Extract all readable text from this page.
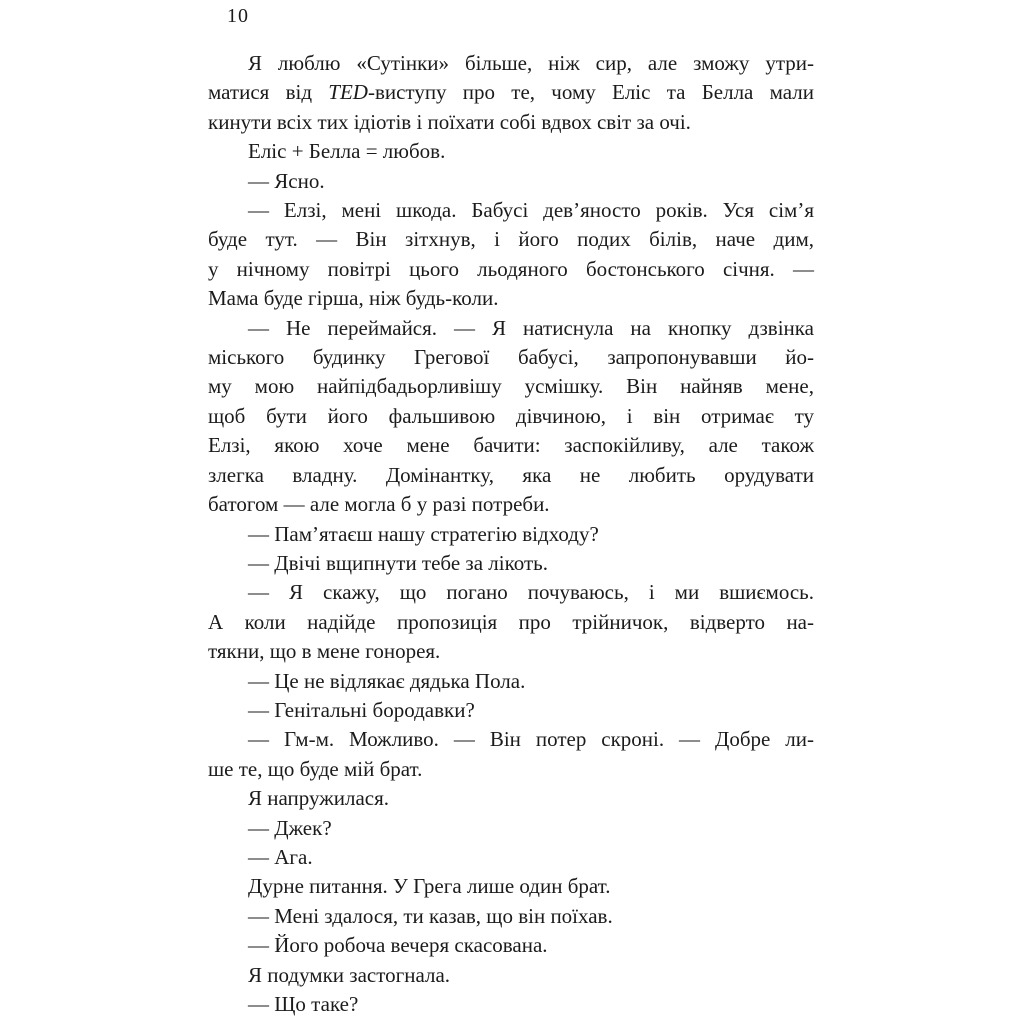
10
Я люблю «Сутінки» більше, ніж сир, але зможу утри-
матися від TED-виступу про те, чому Еліс та Белла мали
кинути всіх тих ідіотів і поїхати собі вдвох світ за очі.
Еліс + Белла = любов.
— Ясно.
— Елзі, мені шкода. Бабусі дев’яносто років. Уся сім’я
буде тут. — Він зітхнув, і його подих білів, наче дим,
у нічному повітрі цього льодяного бостонського січня. —
Мама буде гірша, ніж будь-коли.
— Не переймайся. — Я натиснула на кнопку дзвінка
міського будинку Грегової бабусі, запропонувавши йо-
му мою найпідбадьорливішу усмішку. Він найняв мене,
щоб бути його фальшивою дівчиною, і він отримає ту
Елзі, якою хоче мене бачити: заспокійливу, але також
злегка владну. Домінантку, яка не любить орудувати
батогом — але могла б у разі потреби.
— Пам’ятаєш нашу стратегію відходу?
— Двічі вщипнути тебе за лікоть.
— Я скажу, що погано почуваюсь, і ми вшиємось.
А коли надійде пропозиція про трійничок, відверто на-
тякни, що в мене гонорея.
— Це не відлякає дядька Пола.
— Генітальні бородавки?
— Гм-м. Можливо. — Він потер скроні. — Добре ли-
ше те, що буде мій брат.
Я напружилася.
— Джек?
— Ага.
Дурне питання. У Грега лише один брат.
— Мені здалося, ти казав, що він поїхав.
— Його робоча вечеря скасована.
Я подумки застогнала.
— Що таке?
